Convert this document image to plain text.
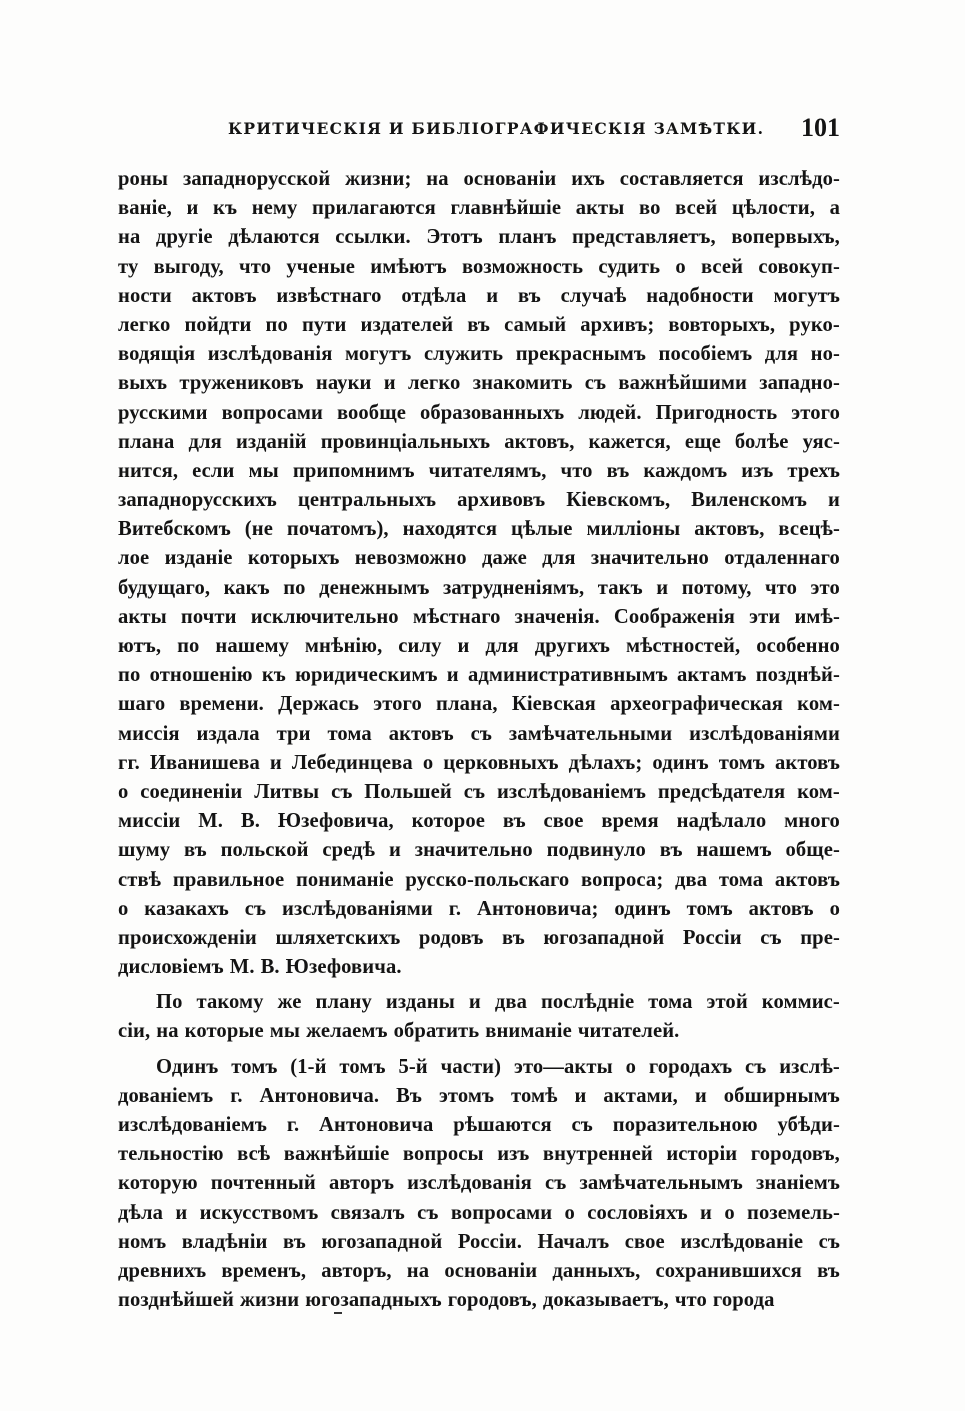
КРИТИЧЕСКІЯ И БИБЛІОГРАФИЧЕСКІЯ ЗАМѢТКИ. 101
роны западнорусской жизни; на основаніи ихъ составляется изслѣдо-
ваніе, и къ нему прилагаются главнѣйшіе акты во всей цѣлости, а
на другіе дѣлаются ссылки. Этотъ планъ представляетъ, вопервыхъ,
ту выгоду, что ученые имѣютъ возможность судить о всей совокуп-
ности актовъ извѣстнаго отдѣла и въ случаѣ надобности могутъ
легко пойдти по пути издателей въ самый архивъ; вовторыхъ, руко-
водящія изслѣдованія могутъ служить прекраснымъ пособіемъ для но-
выхъ тружениковъ науки и легко знакомить съ важнѣйшими западно-
русскими вопросами вообще образованныхъ людей. Пригодность этого
плана для изданій провинціальныхъ актовъ, кажется, еще болѣе уяс-
нится, если мы припомнимъ читателямъ, что въ каждомъ изъ трехъ
западнорусскихъ центральныхъ архивовъ Кіевскомъ, Виленскомъ и
Витебскомъ (не початомъ), находятся цѣлые милліоны актовъ, всецѣ-
лое изданіе которыхъ невозможно даже для значительно отдаленнаго
будущаго, какъ по денежнымъ затрудненіямъ, такъ и потому, что это
акты почти исключительно мѣстнаго значенія. Соображенія эти имѣ-
ютъ, по нашему мнѣнію, силу и для другихъ мѣстностей, особенно
по отношенію къ юридическимъ и административнымъ актамъ позднѣй-
шаго времени. Держась этого плана, Кіевская археографическая ком-
миссія издала три тома актовъ съ замѣчательными изслѣдованіями
гг. Иванишева и Лебединцева о церковныхъ дѣлахъ; одинъ томъ актовъ
о соединеніи Литвы съ Польшей съ изслѣдованіемъ предсѣдателя ком-
миссіи М. В. Юзефовича, которое въ свое время надѣлало много
шуму въ польской средѣ и значительно подвинуло въ нашемъ обще-
ствѣ правильное пониманіе русско-польскаго вопроса; два тома актовъ
о казакахъ съ изслѣдованіями г. Антоновича; одинъ томъ актовъ о
происхожденіи шляхетскихъ родовъ въ югозападной Россіи съ пре-
дисловіемъ М. В. Юзефовича.
По такому же плану изданы и два послѣдніе тома этой коммис-
сіи, на которые мы желаемъ обратить вниманіе читателей.
Одинъ томъ (1-й томъ 5-й части) это—акты о городахъ съ изслѣ-
дованіемъ г. Антоновича. Въ этомъ томѣ и актами, и обширнымъ
изслѣдованіемъ г. Антоновича рѣшаются съ поразительною убѣди-
тельностію всѣ важнѣйшіе вопросы изъ внутренней исторіи городовъ,
которую почтенный авторъ изслѣдованія съ замѣчательнымъ знаніемъ
дѣла и искусствомъ связалъ съ вопросами о сословіяхъ и о поземель-
номъ владѣніи въ югозападной Россіи. Началъ свое изслѣдованіе съ
древнихъ временъ, авторъ, на основаніи данныхъ, сохранившихся въ
позднѣйшей жизни югозападныхъ городовъ, доказываетъ, что города
